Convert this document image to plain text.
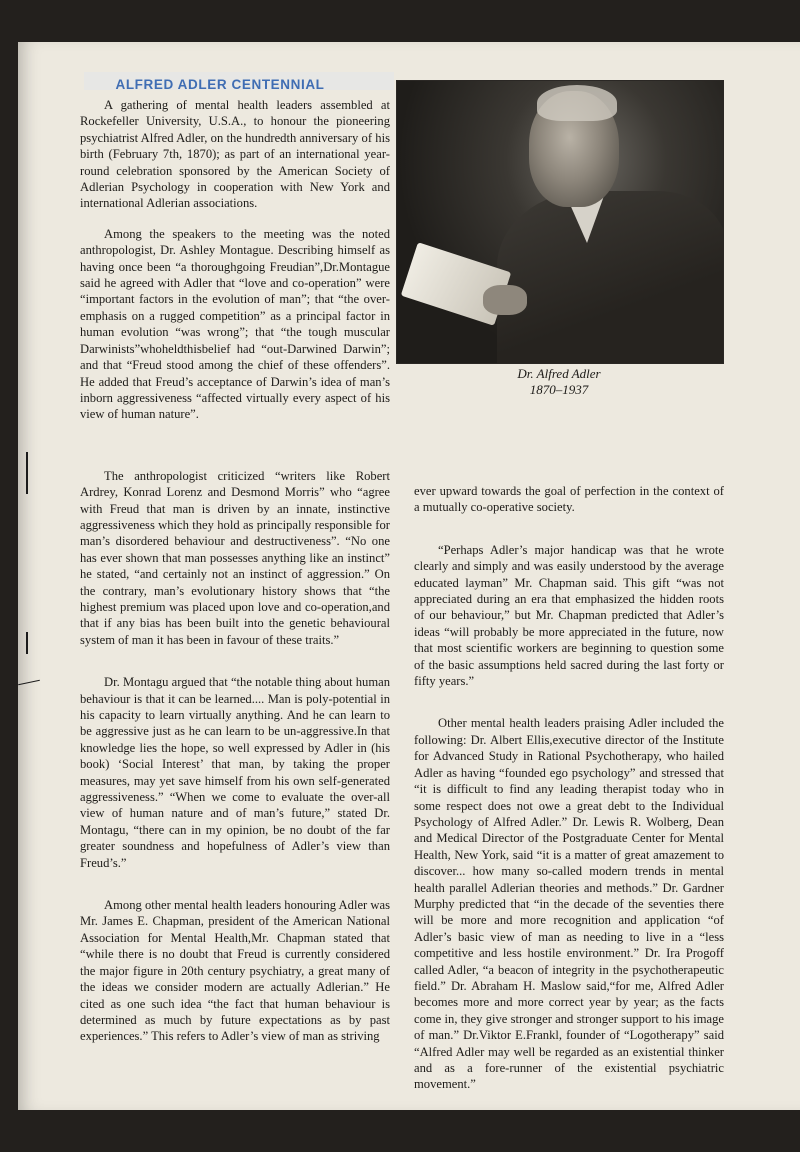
ALFRED ADLER CENTENNIAL

A gathering of mental health leaders assembled at Rockefeller University, U.S.A., to honour the pioneering psychiatrist Alfred Adler, on the hundredth anniversary of his birth (February 7th, 1870); as part of an international year-round celebration sponsored by the American Society of Adlerian Psychology in cooperation with New York and international Adlerian associations.

Among the speakers to the meeting was the noted anthropologist, Dr. Ashley Montague. Describing himself as having once been “a thoroughgoing Freudian”,Dr.Montague said he agreed with Adler that “love and co-operation” were “important factors in the evolution of man”; that “the over-emphasis on a rugged competition” as a principal factor in human evolution “was wrong”; that “the tough muscular Darwinists”whoheldthisbelief had “out-Darwined Darwin”; and that “Freud stood among the chief of these offenders”. He added that Freud’s acceptance of Darwin’s idea of man’s inborn aggressiveness “affected virtually every aspect of his view of human nature”.

The anthropologist criticized “writers like Robert Ardrey, Konrad Lorenz and Desmond Morris” who “agree with Freud that man is driven by an innate, instinctive aggressiveness which they hold as principally responsible for man’s disordered behaviour and destructiveness”. “No one has ever shown that man possesses anything like an instinct” he stated, “and certainly not an instinct of aggression.” On the contrary, man’s evolutionary history shows that “the highest premium was placed upon love and co-operation,and that if any bias has been built into the genetic behavioural system of man it has been in favour of these traits.”

Dr. Montagu argued that “the notable thing about human behaviour is that it can be learned.... Man is poly-potential in his capacity to learn virtually anything. And he can learn to be aggressive just as he can learn to be un-aggressive.In that knowledge lies the hope, so well expressed by Adler in (his book) ‘Social Interest’ that man, by taking the proper measures, may yet save himself from his own self-generated aggressiveness.” “When we come to evaluate the over-all view of human nature and of man’s future,” stated Dr. Montagu, “there can in my opinion, be no doubt of the far greater soundness and hopefulness of Adler’s view than Freud’s.”

Among other mental health leaders honouring Adler was Mr. James E. Chapman, president of the American National Association for Mental Health,Mr. Chapman stated that “while there is no doubt that Freud is currently considered the major figure in 20th century psychiatry, a great many of the ideas we consider modern are actually Adlerian.” He cited as one such idea “the fact that human behaviour is determined as much by future expectations as by past experiences.” This refers to Adler’s view of man as striving

Dr. Alfred Adler
1870–1937

ever upward towards the goal of perfection in the context of a mutually co-operative society.

“Perhaps Adler’s major handicap was that he wrote clearly and simply and was easily understood by the average educated layman” Mr. Chapman said. This gift “was not appreciated during an era that emphasized the hidden roots of our behaviour,” but Mr. Chapman predicted that Adler’s ideas “will probably be more appreciated in the future, now that most scientific workers are beginning to question some of the basic assumptions held sacred during the last forty or fifty years.”

Other mental health leaders praising Adler included the following: Dr. Albert Ellis,executive director of the Institute for Advanced Study in Rational Psychotherapy, who hailed Adler as having “founded ego psychology” and stressed that “it is difficult to find any leading therapist today who in some respect does not owe a great debt to the Individual Psychology of Alfred Adler.” Dr. Lewis R. Wolberg, Dean and Medical Director of the Postgraduate Center for Mental Health, New York, said “it is a matter of great amazement to discover... how many so-called modern trends in mental health parallel Adlerian theories and methods.” Dr. Gardner Murphy predicted that “in the decade of the seventies there will be more and more recognition and application “of Adler’s basic view of man as needing to live in a “less competitive and less hostile environment.” Dr. Ira Progoff called Adler, “a beacon of integrity in the psychotherapeutic field.” Dr. Abraham H. Maslow said,“for me, Alfred Adler becomes more and more correct year by year; as the facts come in, they give stronger and stronger support to his image of man.” Dr.Viktor E.Frankl, founder of “Logotherapy” said “Alfred Adler may well be regarded as an existential thinker and as a fore-runner of the existential psychiatric movement.”
